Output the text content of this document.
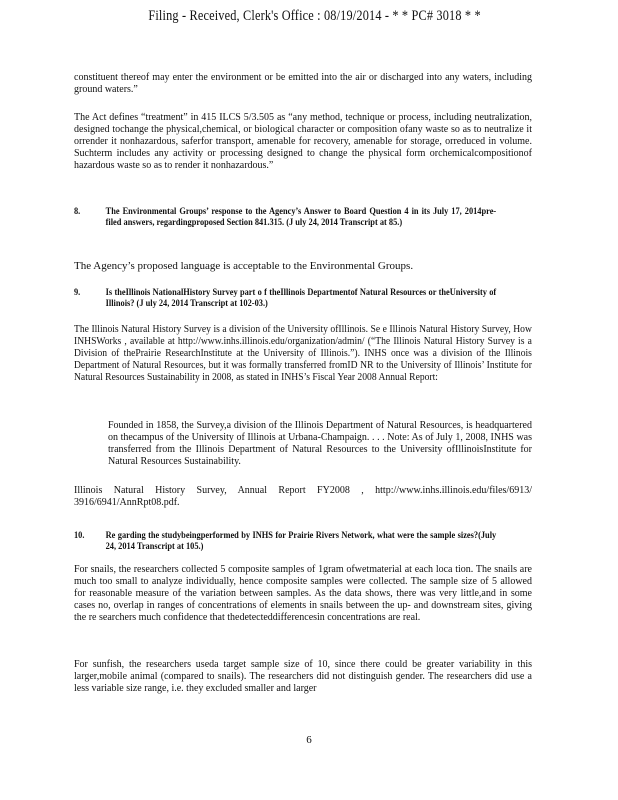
Filing - Received, Clerk's Office : 08/19/2014 - * * PC# 3018 * *

constituent thereof may enter the environment or be emitted into the air or discharged into any waters, including ground waters.”

The Act defines “treatment” in 415 ILCS 5/3.505 as “any method, technique or process, including neutralization, designed tochange the physical,chemical, or biological character or composition ofany waste so as to neutralize it orrender it nonhazardous, saferfor transport, amenable for recovery, amenable for storage, orreduced in volume. Suchterm includes any activity or processing designed to change the physical form orchemicalcompositionof hazardous waste so as to render it nonhazardous.”

8.	The Environmental Groups’ response to the Agency’s Answer to Board Question 4 in its July 17, 2014pre-filed answers, regardingproposed Section 841.315. (J uly 24, 2014 Transcript at 85.)

The Agency’s proposed language is acceptable to the Environmental Groups.

9.	Is theIllinois NationalHistory Survey part o f theIllinois Departmentof Natural Resources or theUniversity of Illinois? (J uly 24, 2014 Transcript at 102-03.)

The Illinois Natural History Survey is a division of the University ofIllinois. Se e Illinois Natural History Survey, How INHSWorks , available at http://www.inhs.illinois.edu/organization/admin/ (“The Illinois Natural History Survey is a Division of thePrairie ResearchInstitute at the University of Illinois.”). INHS once was a division of the Illinois Department of Natural Resources, but it was formally transferred fromID NR to the University of Illinois’ Institute for Natural Resources Sustainability in 2008, as stated in INHS’s Fiscal Year 2008 Annual Report:

Founded in 1858, the Survey,a division of the Illinois Department of Natural Resources, is headquartered on thecampus of the University of Illinois at Urbana-Champaign. . . . Note: As of July 1, 2008, INHS was transferred from the Illinois Department of Natural Resources to the University ofIllinoisInstitute for Natural Resources Sustainability.

Illinois Natural History Survey, Annual Report FY2008 , http://www.inhs.illinois.edu/files/6913/ 3916/6941/AnnRpt08.pdf.

10. Re garding the studybeingperformed by INHS for Prairie Rivers Network, what were the sample sizes?(July 24, 2014 Transcript at 105.)

For snails, the researchers collected 5 composite samples of 1gram ofwetmaterial at each loca tion. The snails are much too small to analyze individually, hence composite samples were collected. The sample size of 5 allowed for reasonable measure of the variation between samples. As the data shows, there was very little,and in some cases no, overlap in ranges of concentrations of elements in snails between the up- and downstream sites, giving the re searchers much confidence that thedetecteddifferencesin concentrations are real.

For sunfish, the researchers useda target sample size of 10, since there could be greater variability in this larger,mobile animal (compared to snails). The researchers did not distinguish gender. The researchers did use a less variable size range, i.e. they excluded smaller and larger

6
